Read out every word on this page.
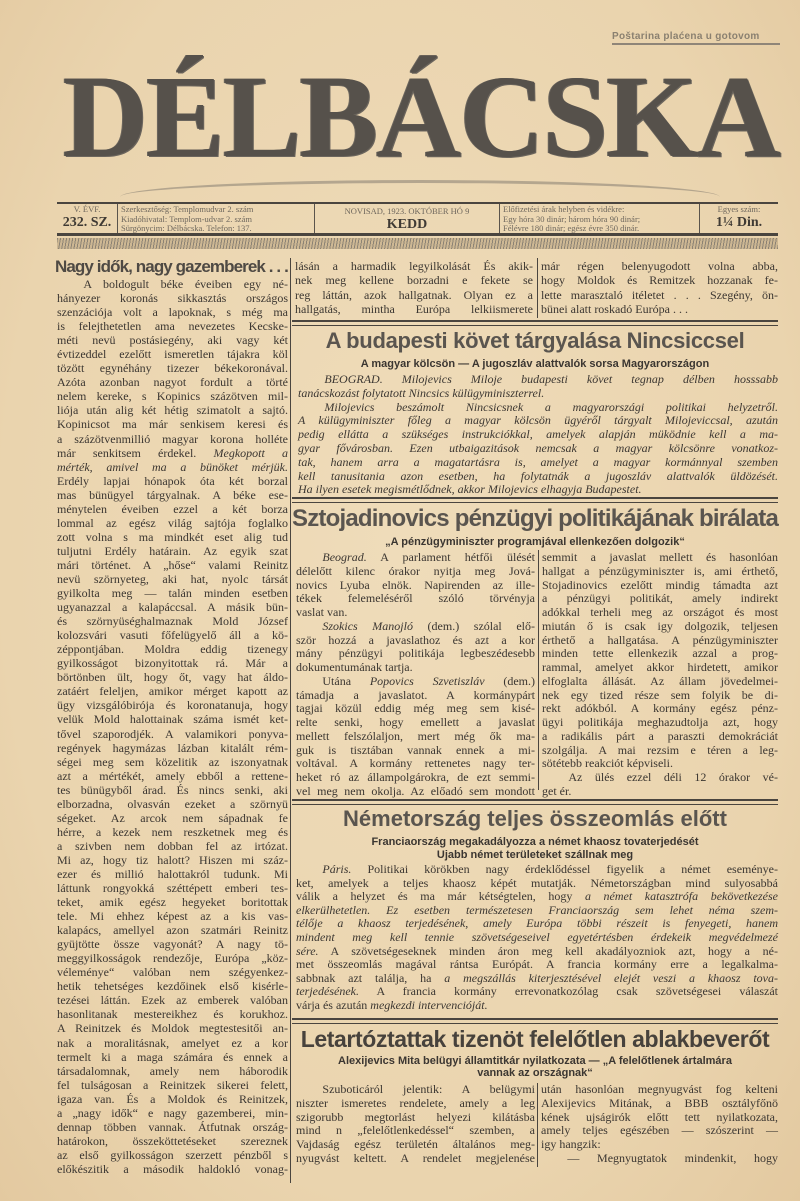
Poštarina plaćena u gotovom
DÉLBÁCSKA
V. ÉVF.
232. SZ.
Szerkesztőség: Templomudvar 2. szám
Kiadóhivatal: Templom-udvar 2. szám
Sürgönycim: Délbácska. Telefon: 137.
NOVISAD, 1923. OKTÓBER HÓ 9
KEDD
Előfizetési árak helyben és vidékre:
Egy hóra 30 dinár; három hóra 90 dinár;
Félévre 180 dinár; egész évre 350 dinár.
Egyes szám:
1¼ Din.
Nagy idők, nagy gazemberek . . .
A boldogult béke éveiben egy né-
hányezer koronás sikkasztás országos
szenzációja volt a lapoknak, s még ma
is felejthetetlen ama nevezetes Kecske-
méti nevü postásiegény, aki vagy két
évtizeddel ezelőtt ismeretlen tájakra köl
tözött egynéhány tizezer békekoronával.
Azóta azonban nagyot fordult a törté
nelem kereke, s Kopinics százötven mil-
liója után alig két hétig szimatolt a sajtó.
Kopinicsot ma már senkisem keresi és
a százötvenmillió magyar korona holléte
már senkitsem érdekel. Megkopott a
mérték, amivel ma a bünöket mérjük.
Erdély lapjai hónapok óta két borzal
mas bünügyel tárgyalnak. A béke ese-
ménytelen éveiben ezzel a két borza
lommal az egész világ sajtója foglalko
zott volna s ma mindkét eset alig tud
tuljutni Erdély határain. Az egyik szat
mári történet. A „hőse“ valami Reinitz
nevü szörnyeteg, aki hat, nyolc társát
gyilkolta meg — talán minden esetben
ugyanazzal a kalapáccsal. A másik bün-
és szörnyüséghalmaznak Mold József
kolozsvári vasuti főfelügyelő áll a kö-
zéppontjában. Moldra eddig tizenegy
gyilkosságot bizonyitottak rá. Már a
börtönben ült, hogy őt, vagy hat áldo-
zatáért feleljen, amikor mérget kapott az
ügy vizsgálóbirója és koronatanuja, hogy
velük Mold halottainak száma ismét ket-
tővel szaporodjék. A valamikori ponyva-
regények hagymázas lázban kitalált rém-
ségei meg sem közelitik az iszonyatnak
azt a mértékét, amely ebből a rettene-
tes bünügyből árad. És nincs senki, aki
elborzadna, olvasván ezeket a szörnyü
ségeket. Az arcok nem sápadnak fe
hérre, a kezek nem reszketnek meg és
a szivben nem dobban fel az irtózat.
Mi az, hogy tiz halott? Hiszen mi száz-
ezer és millió halottakról tudunk. Mi
láttunk rongyokká széttépett emberi tes-
teket, amik egész hegyeket boritottak
tele. Mi ehhez képest az a kis vas-
kalapács, amellyel azon szatmári Reinitz
gyüjtötte össze vagyonát? A nagy tö-
meggyilkosságok rendezője, Európa „köz-
véleménye“ valóban nem szégyenkez-
hetik tehetséges kezdőinek első kisérle-
tezései láttán. Ezek az emberek valóban
hasonlitanak mestereikhez és korukhoz.
A Reinitzek és Moldok megtestesitői an-
nak a moralitásnak, amelyet ez a kor
termelt ki a maga számára és ennek a
társadalomnak, amely nem háborodik
fel tulságosan a Reinitzek sikerei felett,
igaza van. És a Moldok és Reinitzek,
a „nagy idők“ e nagy gazemberei, min-
dennap többen vannak. Átfutnak ország-
határokon, összeköttetéseket szereznek
az első gyilkosságon szerzett pénzből s
előkészitik a második haldokló vonag-
lásán a harmadik legyilkolását És akik-
nek meg kellene borzadni e fekete se
reg láttán, azok hallgatnak. Olyan ez a
hallgatás, mintha Európa lelkiismerete
már régen belenyugodott volna abba,
hogy Moldok és Remitzek hozzanak fe-
lette marasztaló itéletet . . . Szegény, ön-
bünei alatt roskadó Európa . . .
A budapesti követ tárgyalása Nincsiccsel
A magyar kölcsön — A jugoszláv alattvalók sorsa Magyarországon
BEOGRAD. Milojevics Miloje budapesti követ tegnap délben hosssabb
tanácskozást folytatott Nincsics külügyminiszterrel.
Milojevics beszámolt Nincsicsnek a magyarországi politikai helyzetről.
A külügyminiszter főleg a magyar kölcsön ügyéről tárgyalt Milojeviccsal, azután
pedig ellátta a szükséges instrukciókkal, amelyek alapján müködnie kell a ma-
gyar fővárosban. Ezen utbaigazitások nemcsak a magyar kölcsönre vonatkoz-
tak, hanem arra a magatartásra is, amelyet a magyar kormánnyal szemben
kell tanusitania azon esetben, ha folytatnák a jugoszláv alattvalók üldözését.
Ha ilyen esetek megismétlődnek, akkor Milojevics elhagyja Budapestet.
Sztojadinovics pénzügyi politikájának birálata
„A pénzügyminiszter programjával ellenkezően dolgozik“
Beograd. A parlament hétfői ülését
délelőtt kilenc órakor nyitja meg Jová-
novics Lyuba elnök. Napirenden az ille-
tékek felemeléséről szóló törvényja
vaslat van.
Szokics Manojló (dem.) szólal elő-
ször hozzá a javaslathoz és azt a kor
mány pénzügyi politikája legbeszédesebb
dokumentumának tartja.
Utána Popovics Szvetiszláv (dem.)
támadja a javaslatot. A kormánypárt
tagjai közül eddig még meg sem kisé-
relte senki, hogy emellett a javaslat
mellett felszólaljon, mert még ők ma-
guk is tisztában vannak ennek a mi-
voltával. A kormány rettenetes nagy ter-
heket ró az állampolgárokra, de ezt semmi-
vel meg nem okolja. Az előadó sem mondott
semmit a javaslat mellett és hasonlóan
hallgat a pénzügyminiszter is, ami érthető,
Stojadinovics ezelőtt mindig támadta azt
a pénzügyi politikát, amely indirekt
adókkal terheli meg az országot és most
miután ő is csak igy dolgozik, teljesen
érthető a hallgatása. A pénzügyminiszter
minden tette ellenkezik azzal a prog-
rammal, amelyet akkor hirdetett, amikor
elfoglalta állását. Az állam jövedelmei-
nek egy tized része sem folyik be di-
rekt adókból. A kormány egész pénz-
ügyi politikája meghazudtolja azt, hogy
a radikális párt a paraszti demokráciát
szolgálja. A mai rezsim e téren a leg-
sötétebb reakciót képviseli.
Az ülés ezzel déli 12 órakor vé-
get ér.
Németország teljes összeomlás előtt
Franciaország megakadályozza a német khaosz tovaterjedését
Ujabb német területeket szállnak meg
Páris. Politikai körökben nagy érdeklődéssel figyelik a német eseménye-
ket, amelyek a teljes khaosz képét mutatják. Németországban mind sulyosabbá
válik a helyzet és ma már kétségtelen, hogy a német katasztrófa bekövetkezése
elkerülhetetlen. Ez esetben természetesen Franciaország sem lehet néma szem-
télője a khaosz terjedésének, amely Európa többi részeit is fenyegeti, hanem
mindent meg kell tennie szövetségeseivel egyetértésben érdekeik megvédelmezé
sére. A szövetségeseknek minden áron meg kell akadályozniok azt, hogy a né-
met összeomlás magával rántsa Európát. A francia kormány erre a legalkalma-
sabbnak azt találja, ha a megszállás kiterjesztésével elejét veszi a khaosz tova-
terjedésének. A francia kormány errevonatkozólag csak szövetségesei válaszát
várja és azután megkezdi intervencióját.
Letartóztattak tizenöt felelőtlen ablakbeverőt
Alexijevics Mita belügyi államtitkár nyilatkozata — „A felelőtlenek ártalmára
vannak az országnak“
Szuboticáról jelentik: A belügymi
niszter ismeretes rendelete, amely a leg
szigorubb megtorlást helyezi kilátásba
mind n „felelőtlenkedéssel“ szemben, a
Vajdaság egész területén általános meg-
nyugvást keltett. A rendelet megjelenése
után hasonlóan megnyugvást fog kelteni
Alexijevics Mitának, a BBB osztályfőnö
kének ujságirók előtt tett nyilatkozata,
amely teljes egészében — szószerint —
igy hangzik:
— Megnyugtatok mindenkit, hogy
